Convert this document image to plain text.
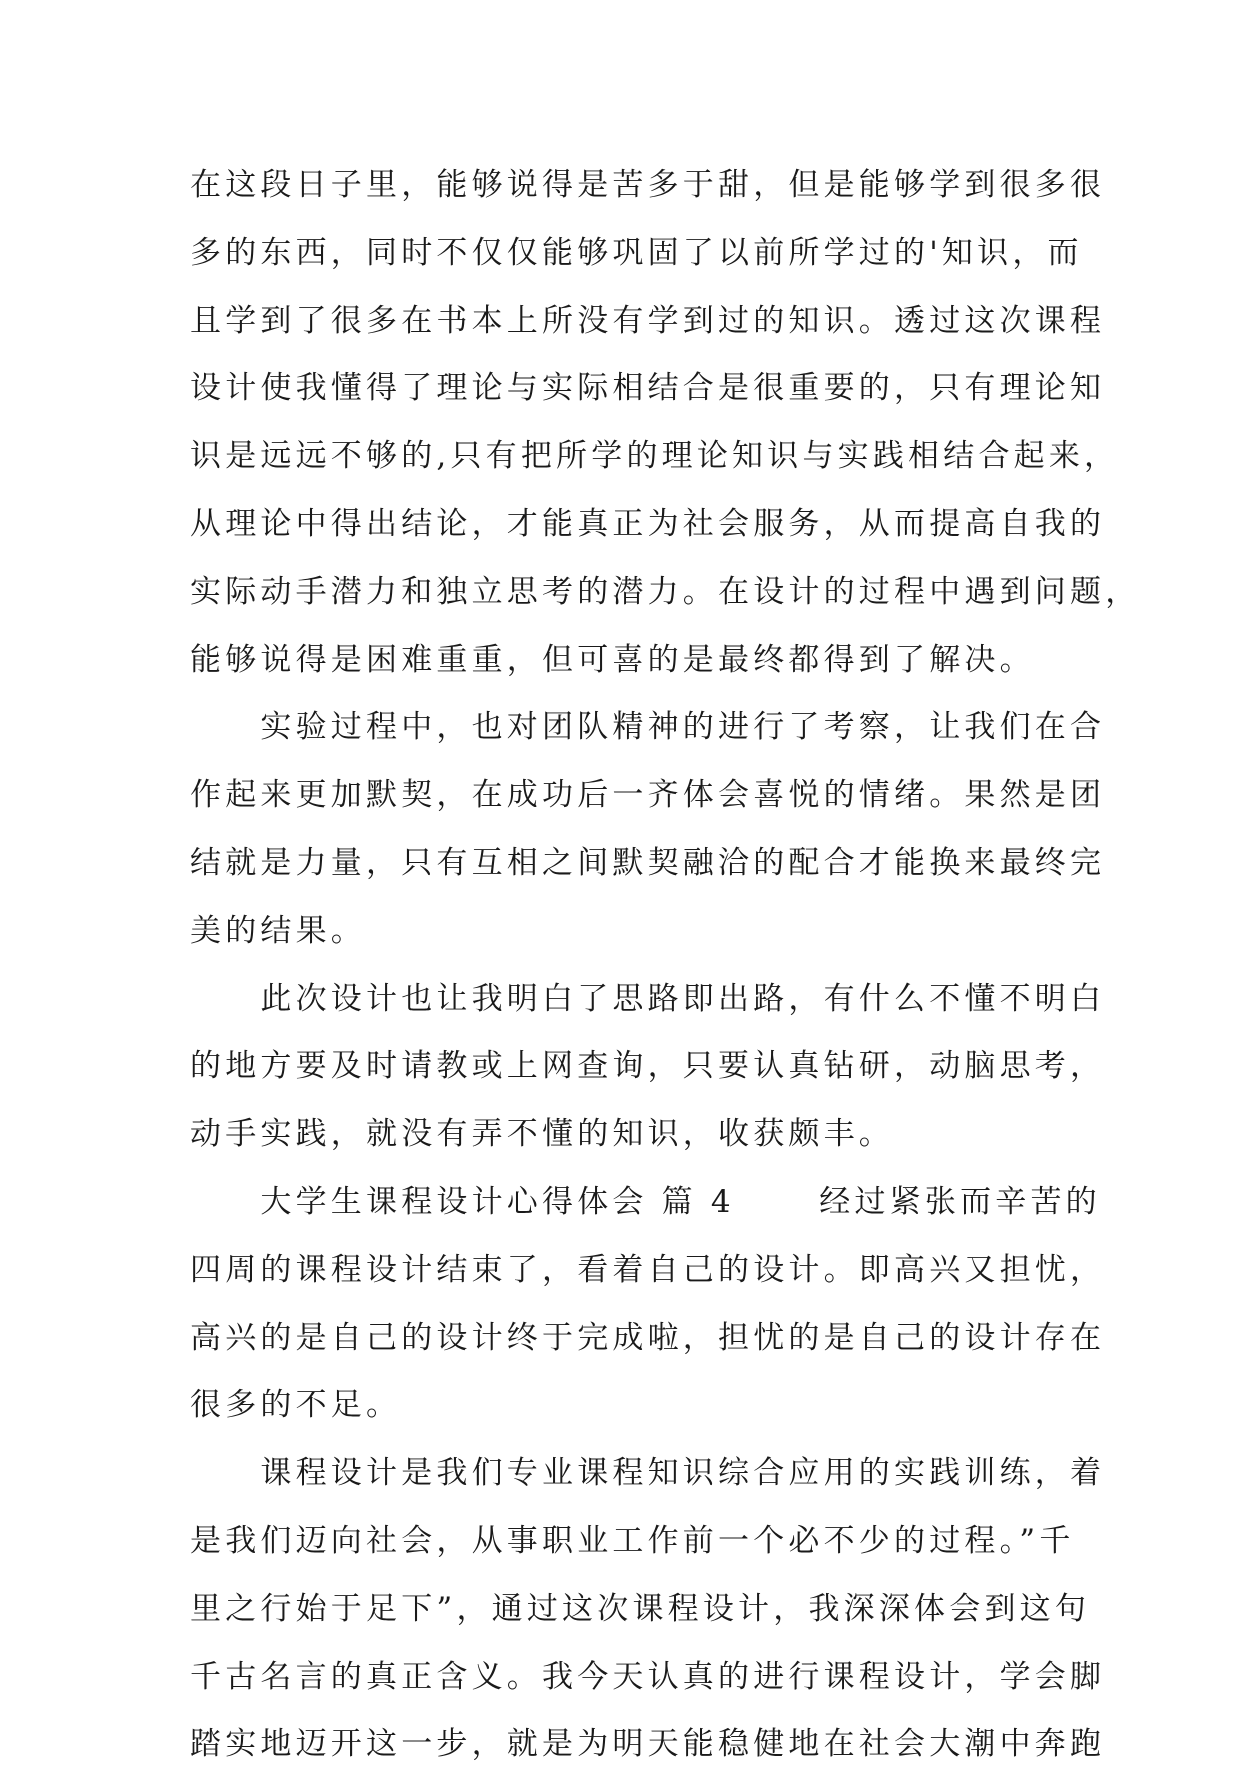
在这段日子里，能够说得是苦多于甜，但是能够学到很多很
多的东西，同时不仅仅能够巩固了以前所学过的'知识，而
且学到了很多在书本上所没有学到过的知识。透过这次课程
设计使我懂得了理论与实际相结合是很重要的，只有理论知
识是远远不够的,只有把所学的理论知识与实践相结合起来，
从理论中得出结论，才能真正为社会服务，从而提高自我的
实际动手潜力和独立思考的潜力。在设计的过程中遇到问题，
能够说得是困难重重，但可喜的是最终都得到了解决。
　　实验过程中，也对团队精神的进行了考察，让我们在合
作起来更加默契，在成功后一齐体会喜悦的情绪。果然是团
结就是力量，只有互相之间默契融洽的配合才能换来最终完
美的结果。
　　此次设计也让我明白了思路即出路，有什么不懂不明白
的地方要及时请教或上网查询，只要认真钻研，动脑思考，
动手实践，就没有弄不懂的知识，收获颇丰。
　　大学生课程设计心得体会 篇 4　　 经过紧张而辛苦的
四周的课程设计结束了，看着自己的设计。即高兴又担忧，
高兴的是自己的设计终于完成啦，担忧的是自己的设计存在
很多的不足。
　　课程设计是我们专业课程知识综合应用的实践训练，着
是我们迈向社会，从事职业工作前一个必不少的过程。”千
里之行始于足下”，通过这次课程设计，我深深体会到这句
千古名言的真正含义。我今天认真的进行课程设计，学会脚
踏实地迈开这一步，就是为明天能稳健地在社会大潮中奔跑
